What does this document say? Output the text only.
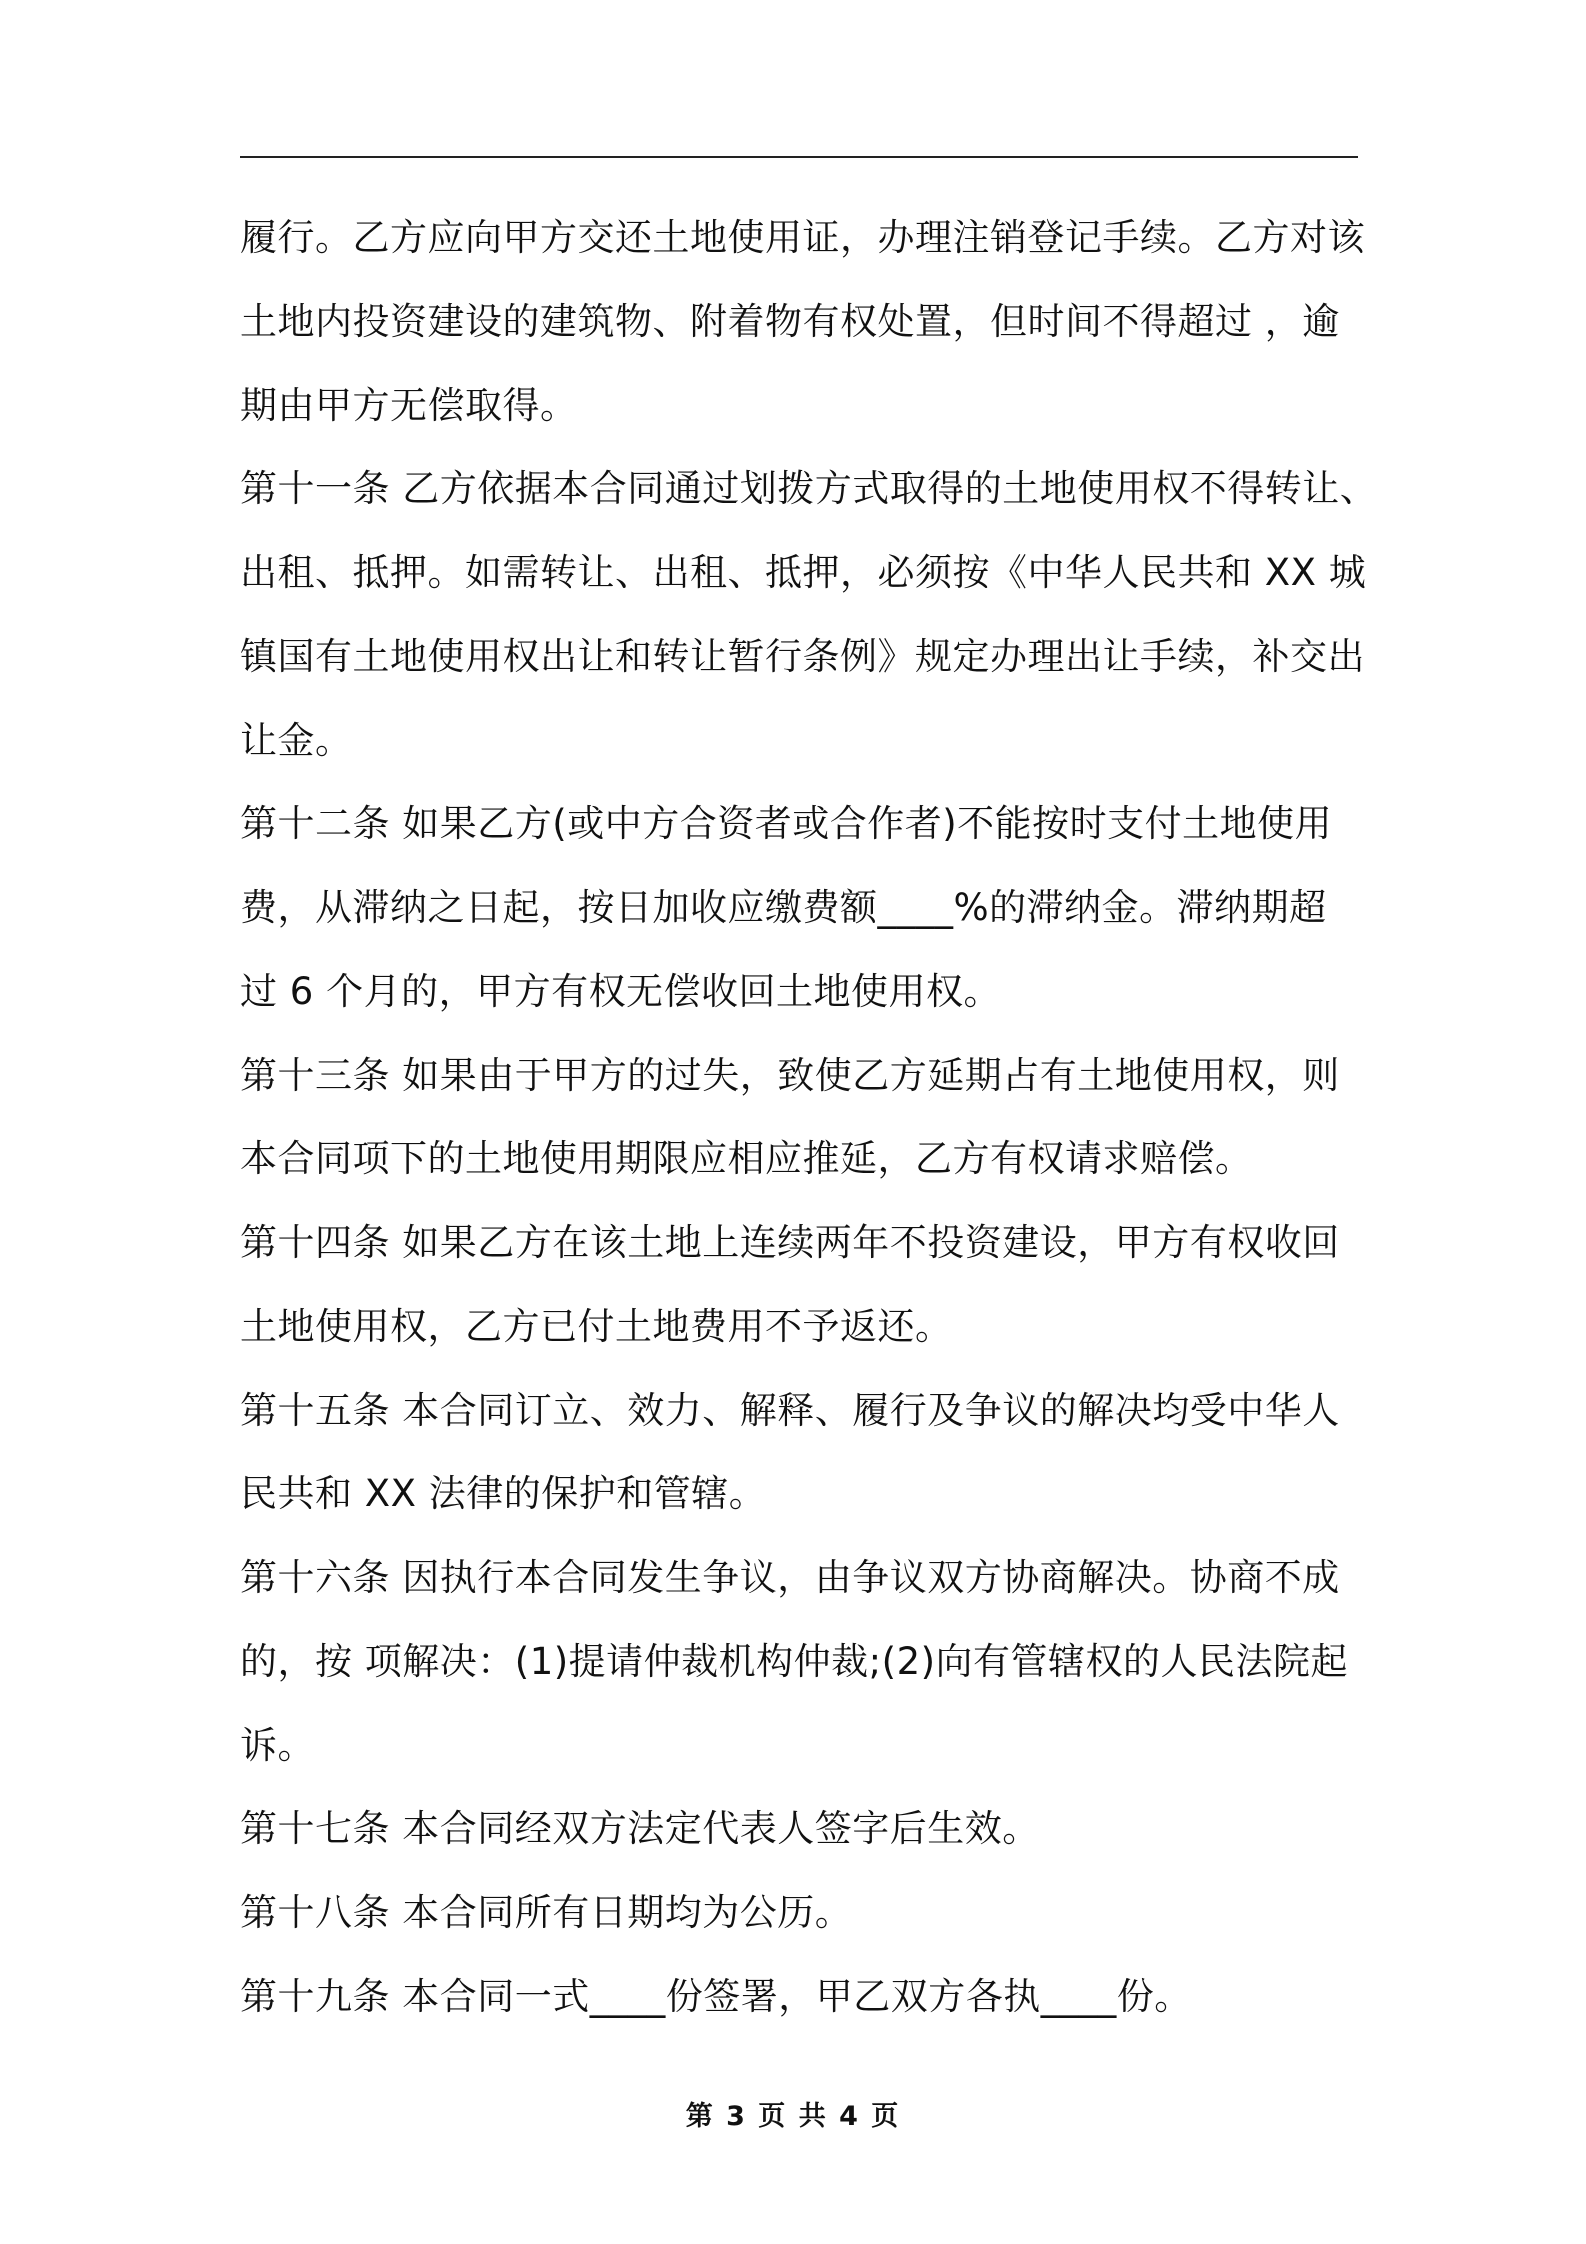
履行。乙方应向甲方交还土地使用证，办理注销登记手续。乙方对该
土地内投资建设的建筑物、附着物有权处置，但时间不得超过 ，逾
期由甲方无偿取得。
第十一条 乙方依据本合同通过划拨方式取得的土地使用权不得转让、
出租、抵押。如需转让、出租、抵押，必须按《中华人民共和 XX 城
镇国有土地使用权出让和转让暂行条例》规定办理出让手续，补交出
让金。
第十二条 如果乙方(或中方合资者或合作者)不能按时支付土地使用
费，从滞纳之日起，按日加收应缴费额____%的滞纳金。滞纳期超
过 6 个月的，甲方有权无偿收回土地使用权。
第十三条 如果由于甲方的过失，致使乙方延期占有土地使用权，则
本合同项下的土地使用期限应相应推延，乙方有权请求赔偿。
第十四条 如果乙方在该土地上连续两年不投资建设，甲方有权收回
土地使用权，乙方已付土地费用不予返还。
第十五条 本合同订立、效力、解释、履行及争议的解决均受中华人
民共和 XX 法律的保护和管辖。
第十六条 因执行本合同发生争议，由争议双方协商解决。协商不成
的，按 项解决：(1)提请仲裁机构仲裁;(2)向有管辖权的人民法院起
诉。
第十七条 本合同经双方法定代表人签字后生效。
第十八条 本合同所有日期均为公历。
第十九条 本合同一式____份签署，甲乙双方各执____份。
第 3 页 共 4 页
